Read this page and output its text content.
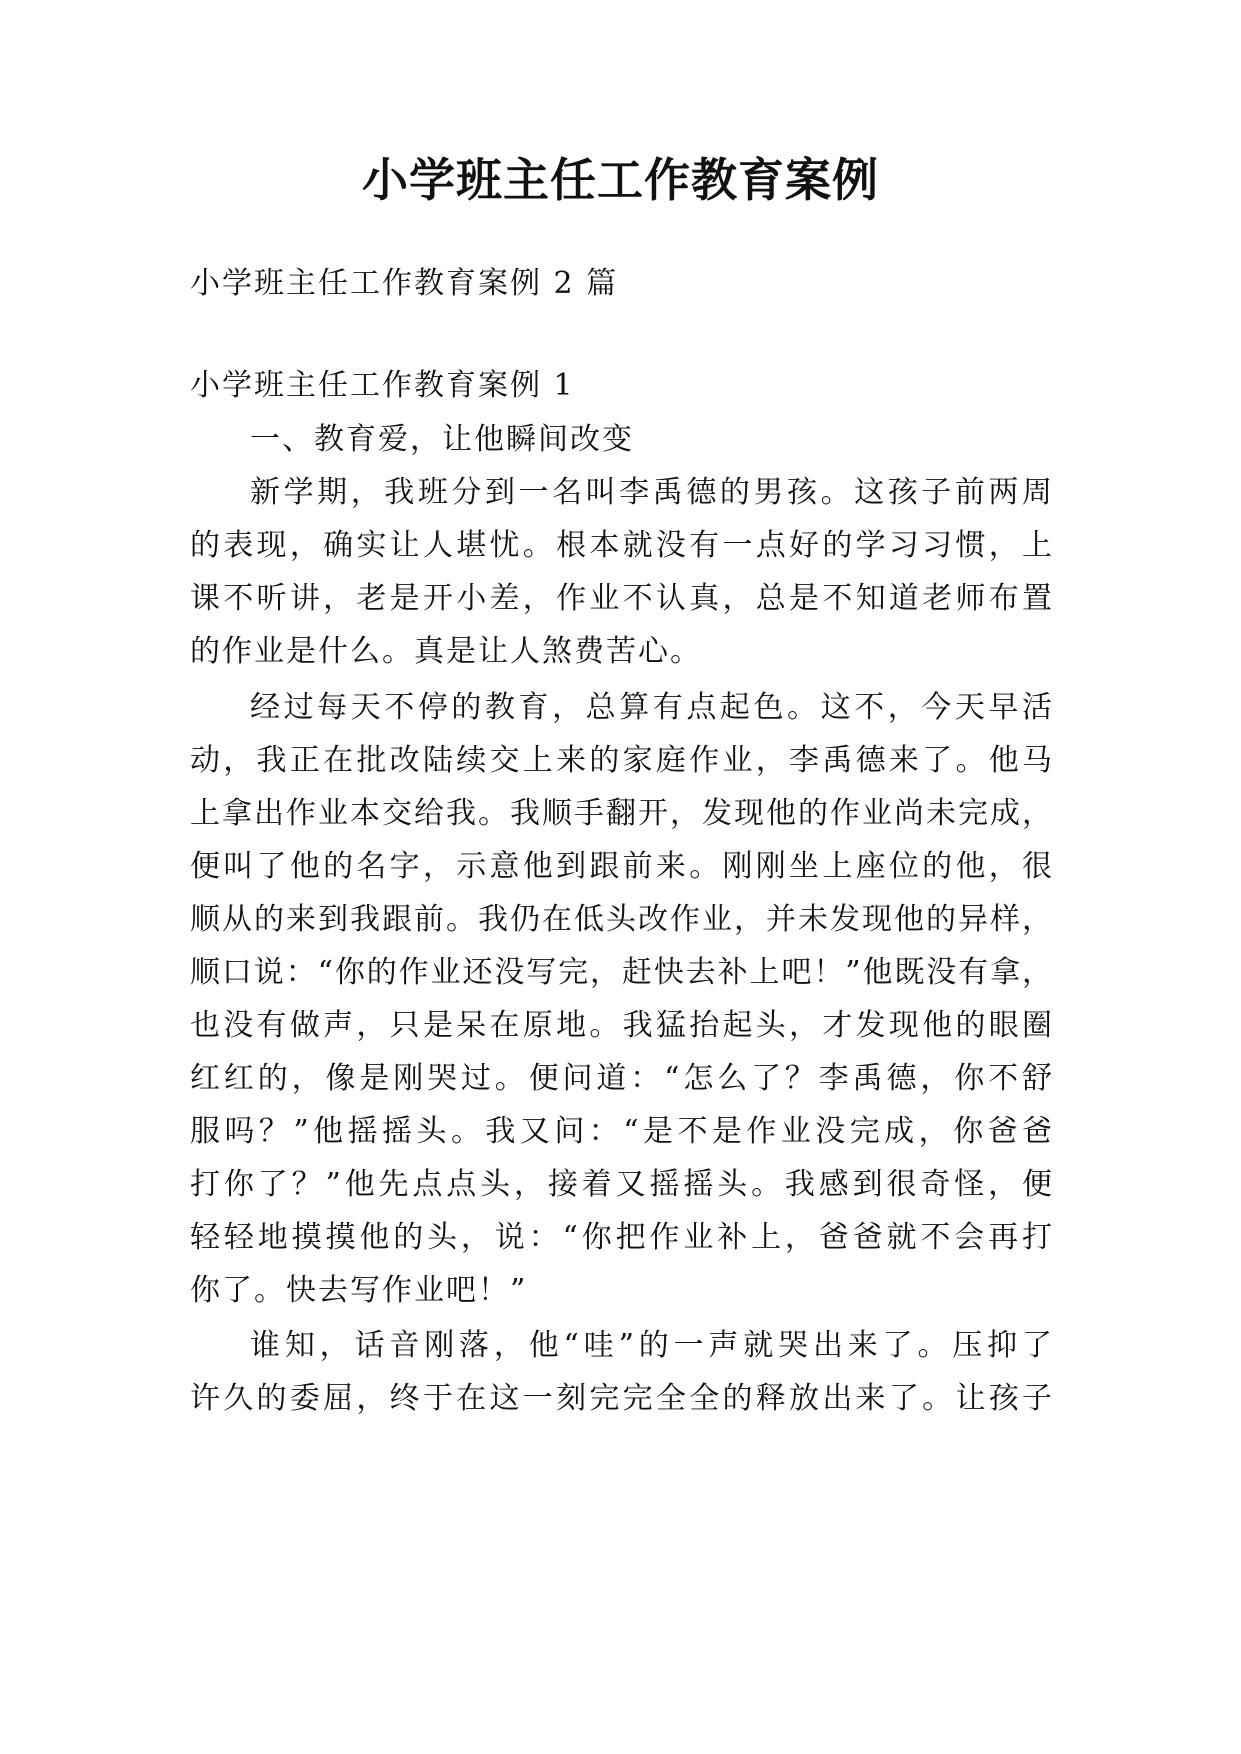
小学班主任工作教育案例
小学班主任工作教育案例 2 篇
小学班主任工作教育案例 1
一、教育爱，让他瞬间改变
新学期，我班分到一名叫李禹德的男孩。这孩子前两周
的表现，确实让人堪忧。根本就没有一点好的学习习惯，上
课不听讲，老是开小差，作业不认真，总是不知道老师布置
的作业是什么。真是让人煞费苦心。
经过每天不停的教育，总算有点起色。这不，今天早活
动，我正在批改陆续交上来的家庭作业，李禹德来了。他马
上拿出作业本交给我。我顺手翻开，发现他的作业尚未完成，
便叫了他的名字，示意他到跟前来。刚刚坐上座位的他，很
顺从的来到我跟前。我仍在低头改作业，并未发现他的异样，
顺口说：“你的作业还没写完，赶快去补上吧！”他既没有拿，
也没有做声，只是呆在原地。我猛抬起头，才发现他的眼圈
红红的，像是刚哭过。便问道：“怎么了？李禹德，你不舒
服吗？”他摇摇头。我又问：“是不是作业没完成，你爸爸
打你了？”他先点点头，接着又摇摇头。我感到很奇怪，便
轻轻地摸摸他的头，说：“你把作业补上，爸爸就不会再打
你了。快去写作业吧！”
谁知，话音刚落，他“哇”的一声就哭出来了。压抑了
许久的委屈，终于在这一刻完完全全的释放出来了。让孩子
